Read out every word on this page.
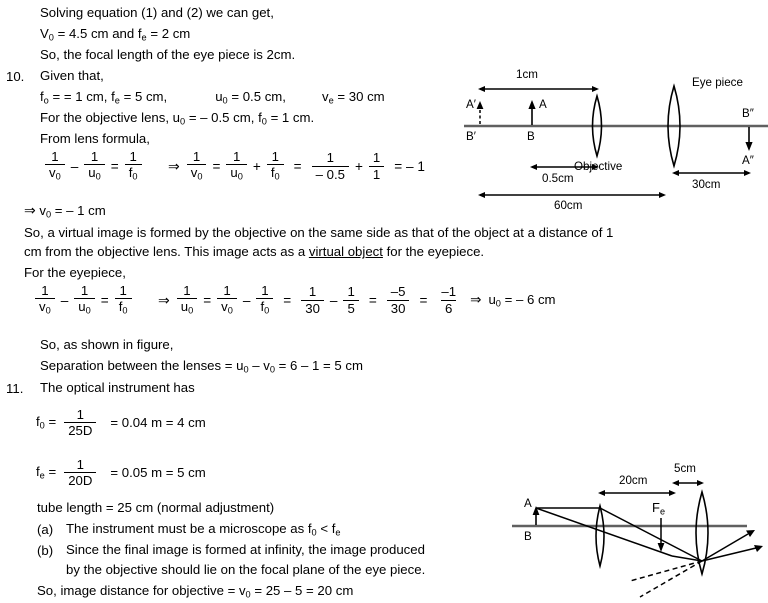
Solving equation (1) and (2) we can get,
$V_0 = 4.5$ cm and $f_e = 2$ cm
So, the focal length of the eye piece is 2cm.
10. Given that,
$f_o$ = = 1 cm, $f_e = 5$ cm,	$u_0 = 0.5$ cm,	$v_e = 30$ cm
For the objective lens, $u_0$ = – 0.5 cm, $f_0 = 1$ cm.
From lens formula,
$\frac{1}{v_0} - \frac{1}{u_0} = \frac{1}{f_0}$ ⇒ $\frac{1}{v_0} = \frac{1}{u_0} + \frac{1}{f_0} = \frac{1}{- 0.5} + \frac{1}{1}$ = – 1
⇒ $v_0$ = – 1 cm
So, a virtual image is formed by the objective on the same side as that of the object at a distance of 1
cm from the objective lens. This image acts as a virtual object for the eyepiece.
For the eyepiece,
$\frac{1}{v_0} - \frac{1}{u_0} = \frac{1}{f_0}$ ⇒ $\frac{1}{u_0} = \frac{1}{v_0} - \frac{1}{f_0} = \frac{1}{30} - \frac{1}{5} = \frac{-5}{30} = \frac{-1}{6}$ ⇒ $u_0$ = – 6 cm
So, as shown in figure,
Separation between the lenses = $u_0 - v_0 = 6 - 1 = 5$ cm
11. The optical instrument has
$f_0 = \frac{1}{25D} = 0.04$ m = 4 cm
$f_e = \frac{1}{20D} = 0.05$ m = 5 cm
tube length = 25 cm (normal adjustment)
(a) The instrument must be a microscope as $f_0 < f_e$
(b) Since the final image is formed at infinity, the image produced
by the objective should lie on the focal plane of the eye piece.
So, image distance for objective = $v_0 = 25 - 5 = 20$ cm
1cm
A′
B′
A
B
Objective
Eye piece
B″
A″
0.5cm	30cm
60cm
A
B
20cm
5cm
$F_e$
